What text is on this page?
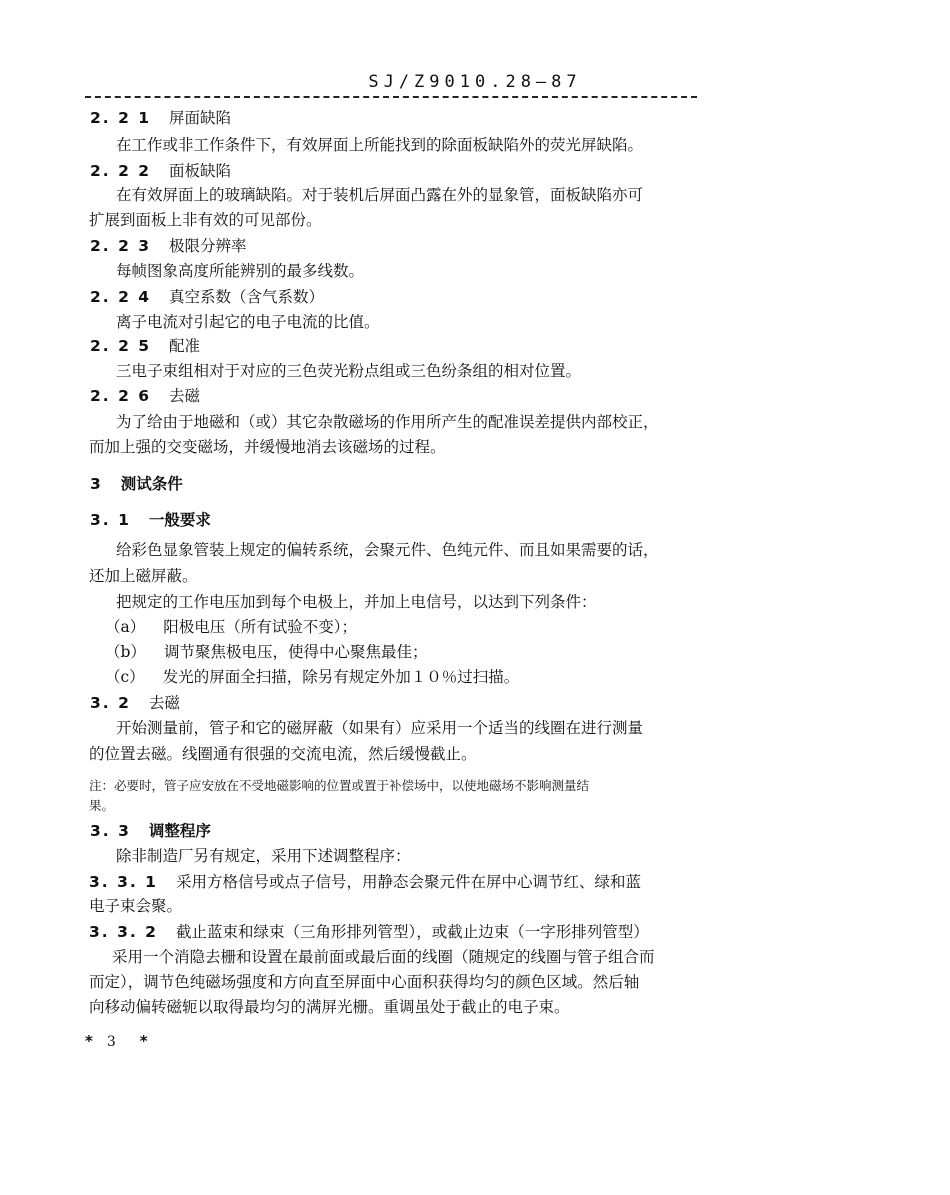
SJ/Z9010.28—87
2. 2 1 屏面缺陷
在工作或非工作条件下，有效屏面上所能找到的除面板缺陷外的荧光屏缺陷。
2. 2 2 面板缺陷
在有效屏面上的玻璃缺陷。对于装机后屏面凸露在外的显象管，面板缺陷亦可
扩展到面板上非有效的可见部份。
2. 2 3 极限分辨率
每帧图象高度所能辨别的最多线数。
2. 2 4 真空系数（含气系数）
离子电流对引起它的电子电流的比值。
2. 2 5 配准
三电子束组相对于对应的三色荧光粉点组或三色纷条组的相对位置。
2. 2 6 去磁
为了给由于地磁和（或）其它杂散磁场的作用所产生的配准误差提供内部校正，
而加上强的交变磁场，并缓慢地消去该磁场的过程。
3 测试条件
3. 1 一般要求
给彩色显象管装上规定的偏转系统，会聚元件、色纯元件、而且如果需要的话，
还加上磁屏蔽。
把规定的工作电压加到每个电极上，并加上电信号，以达到下列条件：
（a） 阳极电压（所有试验不变）；
（b） 调节聚焦极电压，使得中心聚焦最佳；
（c） 发光的屏面全扫描，除另有规定外加１０％过扫描。
3. 2 去磁
开始测量前，管子和它的磁屏蔽（如果有）应采用一个适当的线圈在进行测量
的位置去磁。线圈通有很强的交流电流，然后缓慢截止。
注：必要时，管子应安放在不受地磁影响的位置或置于补偿场中，以使地磁场不影响测量结
果。
3. 3 调整程序
除非制造厂另有规定，采用下述调整程序：
3. 3. 1 采用方格信号或点子信号，用静态会聚元件在屏中心调节红、绿和蓝
电子束会聚。
3. 3. 2 截止蓝束和绿束（三角形排列管型），或截止边束（一字形排列管型）
采用一个消隐去栅和设置在最前面或最后面的线圈（随规定的线圈与管子组合而
而定），调节色纯磁场强度和方向直至屏面中心面积获得均匀的颜色区域。然后轴
向移动偏转磁轭以取得最均匀的满屏光栅。重调虽处于截止的电子束。
* 3 *
